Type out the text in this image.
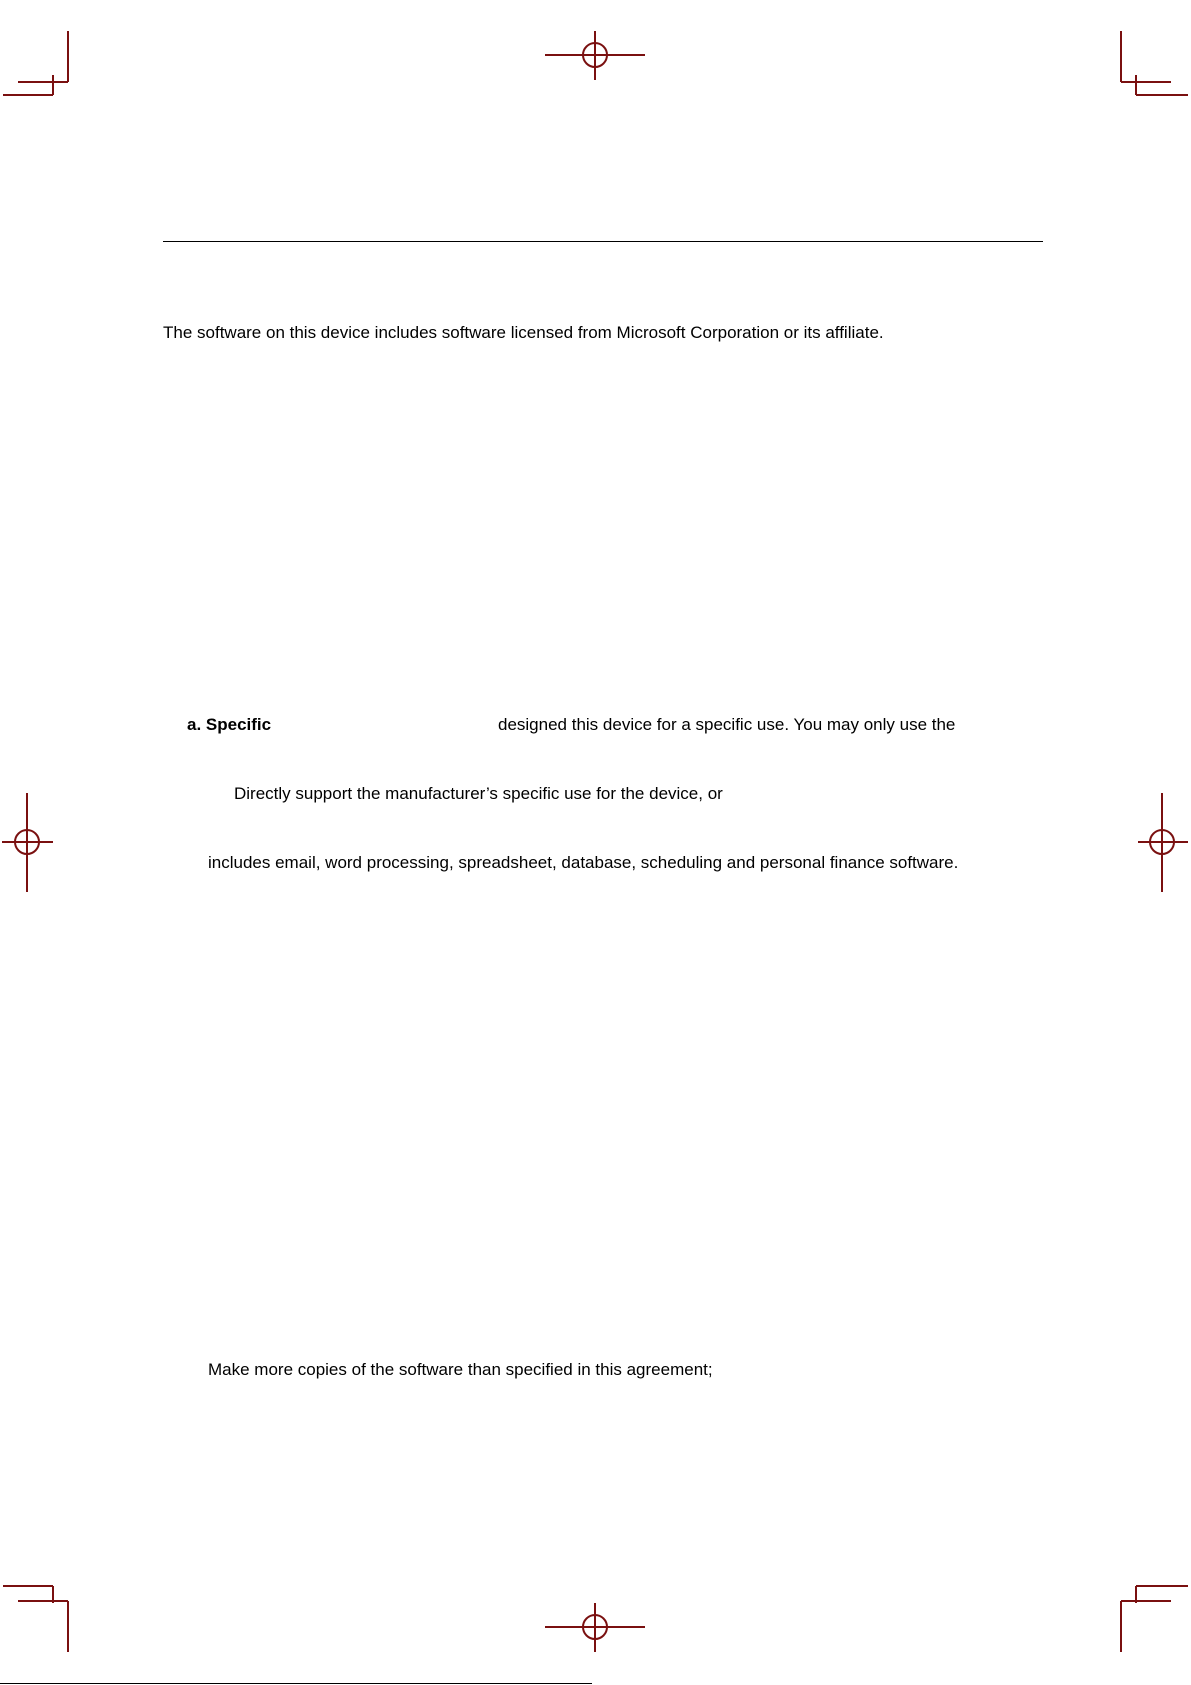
The software on this device includes software licensed from Microsoft Corporation or its affiliate.
a. Specific	designed this device for a specific use. You may only use the
Directly support the manufacturer’s specific use for the device, or
includes email, word processing, spreadsheet, database, scheduling and personal finance software.
Make more copies of the software than specified in this agreement;
